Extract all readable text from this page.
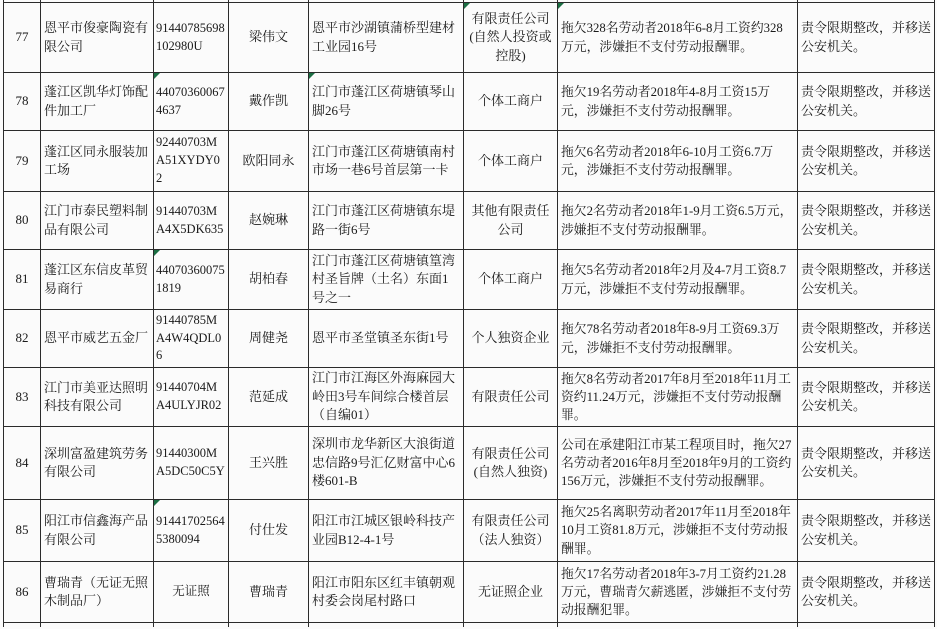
77	恩平市俊豪陶瓷有限公司	91440785698102980U	梁伟文	恩平市沙湖镇蒲桥型建材工业园16号	有限责任公司(自然人投资或控股)	拖欠328名劳动者2018年6-8月工资约328万元，涉嫌拒不支付劳动报酬罪。	责令限期整改，并移送公安机关。
78	蓬江区凯华灯饰配件加工厂	440703600674637	戴作凯	江门市蓬江区荷塘镇琴山脚26号	个体工商户	拖欠19名劳动者2018年4-8月工资15万元，涉嫌拒不支付劳动报酬罪。	责令限期整改，并移送公安机关。
79	蓬江区同永服装加工场	92440703MA51XYDY02	欧阳同永	江门市蓬江区荷塘镇南村市场一巷6号首层第一卡	个体工商户	拖欠6名劳动者2018年6-10月工资6.7万元，涉嫌拒不支付劳动报酬罪。	责令限期整改，并移送公安机关。
80	江门市泰民塑料制品有限公司	91440703MA4X5DK635	赵婉琳	江门市蓬江区荷塘镇东堤路一街6号	其他有限责任公司	拖欠2名劳动者2018年1-9月工资6.5万元，涉嫌拒不支付劳动报酬罪。	责令限期整改，并移送公安机关。
81	蓬江区东信皮革贸易商行	440703600751819	胡柏春	江门市蓬江区荷塘镇篁湾村圣旨牌（土名）东面1号之一	个体工商户	拖欠5名劳动者2018年2月及4-7月工资8.7万元，涉嫌拒不支付劳动报酬罪。	责令限期整改，并移送公安机关。
82	恩平市威艺五金厂	91440785MA4W4QDL06	周健尧	恩平市圣堂镇圣东街1号	个人独资企业	拖欠78名劳动者2018年8-9月工资69.3万元，涉嫌拒不支付劳动报酬罪。	责令限期整改，并移送公安机关。
83	江门市美亚达照明科技有限公司	91440704MA4ULYJR02	范延成	江门市江海区外海麻园大岭田3号车间综合楼首层（自编01）	有限责任公司	拖欠8名劳动者2017年8月至2018年11月工资约11.24万元，涉嫌拒不支付劳动报酬罪。	责令限期整改，并移送公安机关。
84	深圳富盈建筑劳务有限公司	91440300MA5DC50C5Y	王兴胜	深圳市龙华新区大浪街道忠信路9号汇亿财富中心6楼601-B	有限责任公司(自然人独资)	公司在承建阳江市某工程项目时，拖欠27名劳动者2016年8月至2018年9月的工资约156万元，涉嫌拒不支付劳动报酬罪。	责令限期整改，并移送公安机关。
85	阳江市信鑫海产品有限公司	914417025645380094	付仕发	阳江市江城区银岭科技产业园B12-4-1号	有限责任公司（法人独资）	拖欠25名离职劳动者2017年11月至2018年10月工资81.8万元，涉嫌拒不支付劳动报酬罪。	责令限期整改，并移送公安机关。
86	曹瑞青（无证无照木制品厂）	无证照	曹瑞青	阳江市阳东区红丰镇朝观村委会岗尾村路口	无证照企业	拖欠17名劳动者2018年3-7月工资约21.28万元，曹瑞青欠薪逃匿，涉嫌拒不支付劳动报酬犯罪。	责令限期整改，并移送公安机关。
